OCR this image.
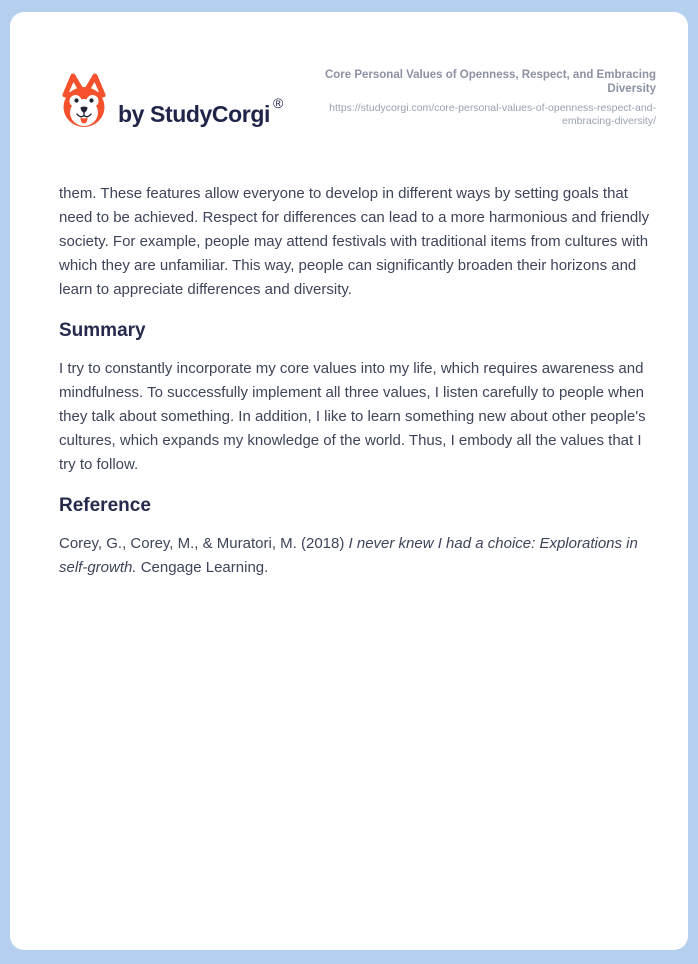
by StudyCorgi ®
Core Personal Values of Openness, Respect, and Embracing Diversity
https://studycorgi.com/core-personal-values-of-openness-respect-and-embracing-diversity/

them. These features allow everyone to develop in different ways by setting goals that need to be achieved. Respect for differences can lead to a more harmonious and friendly society. For example, people may attend festivals with traditional items from cultures with which they are unfamiliar. This way, people can significantly broaden their horizons and learn to appreciate differences and diversity.

Summary

I try to constantly incorporate my core values into my life, which requires awareness and mindfulness. To successfully implement all three values, I listen carefully to people when they talk about something. In addition, I like to learn something new about other people's cultures, which expands my knowledge of the world. Thus, I embody all the values that I try to follow.

Reference

Corey, G., Corey, M., & Muratori, M. (2018) I never knew I had a choice: Explorations in self-growth. Cengage Learning.
